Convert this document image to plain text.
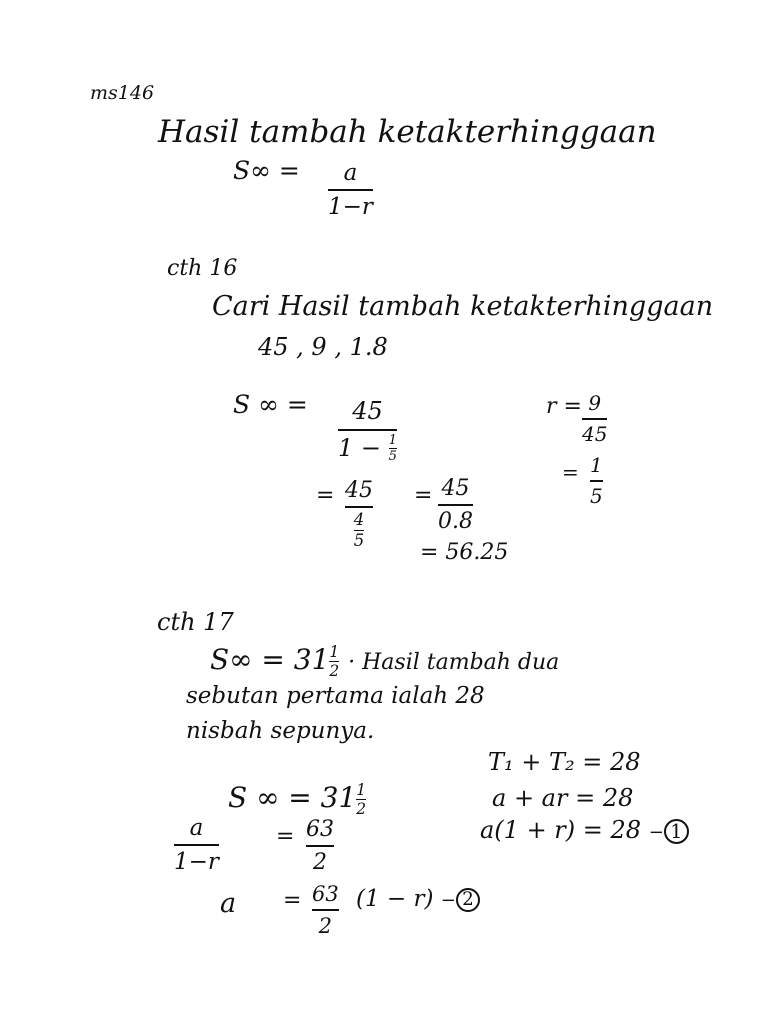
ms146
Hasil tambah ketakterhinggaan
S∞ = a
1−r
cth 16
Cari Hasil tambah ketakterhinggaan
45 , 9 , 1.8
S ∞ = 45
$1 - \frac{1}{5}$
= 45
4
5
= 45
0.8
= 56.25
r = 9
45
= 1
5
cth 17
$S\infty = 31 \frac{1}{2}$ · Hasil tambah dua
sebutan pertama ialah 28
nisbah sepunya.
T₁ + T₂ = 28
a + ar = 28
a(1 + r) = 28 − 1
S ∞ = $31 \frac{1}{2}$
a
1−r
= 63
2
a = 63
2
(1 − r) − 2
